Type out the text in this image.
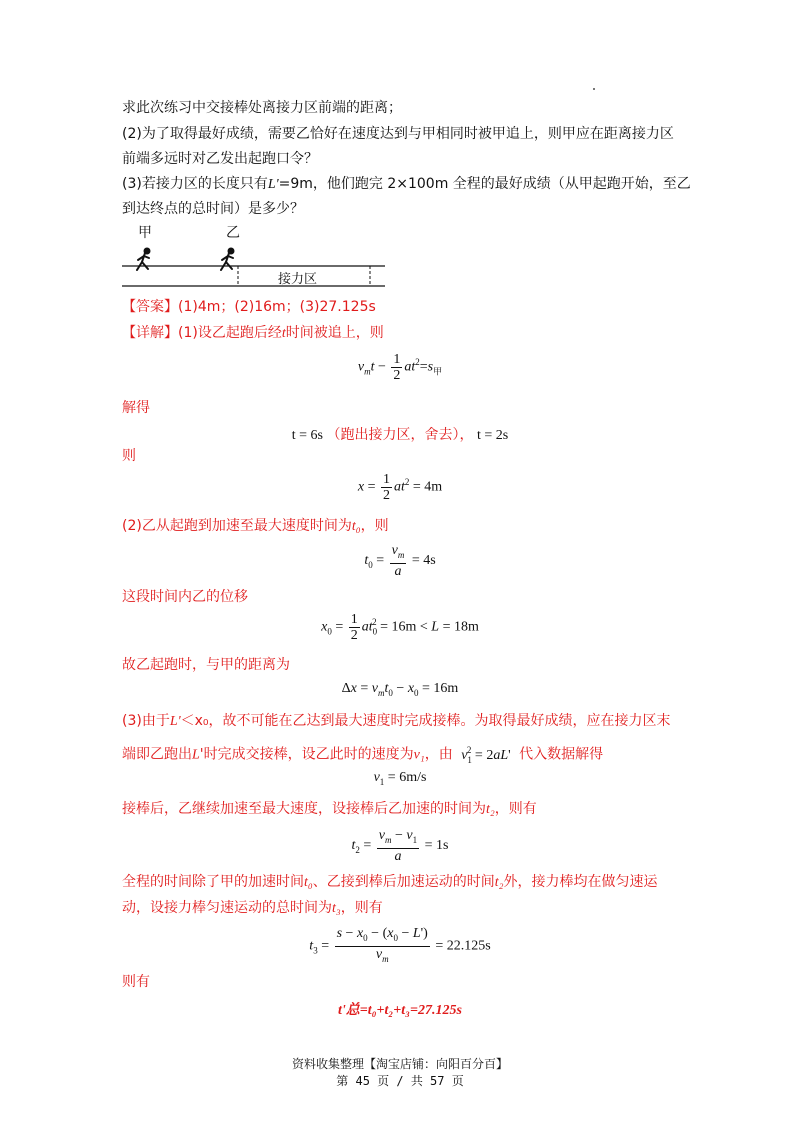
求此次练习中交接棒处离接力区前端的距离；
(2)为了取得最好成绩，需要乙恰好在速度达到与甲相同时被甲追上，则甲应在距离接力区
前端多远时对乙发出起跑口令？
(3)若接力区的长度只有L'=9m，他们跑完 2×100m 全程的最好成绩（从甲起跑开始，至乙
到达终点的总时间）是多少？
甲	乙
接力区
【答案】(1)4m；(2)16m；(3)27.125s
【详解】(1)设乙起跑后经t时间被追上，则
$v_mt - \frac{1}{2} at^2=s_甲$
解得
t = 6s （跑出接力区，舍去）， t = 2s
则
$x = \frac{1}{2} at^2 = 4m$
(2)乙从起跑到加速至最大速度时间为t₀，则
$t_0 = \frac{v_m}{a} = 4s$
这段时间内乙的位移
$x_0 = \frac{1}{2} at_0^2 = 16m < L = 18m$
故乙起跑时，与甲的距离为
$\Delta x = v_mt_0 - x_0 = 16m$
(3)由于L'＜x₀，故不可能在乙达到最大速度时完成接棒。为取得最好成绩，应在接力区末
端即乙跑出L'时完成交接棒，设乙此时的速度为v₁，由 $v_1^2 = 2aL'$ 代入数据解得
$v_1 = 6m/s$
接棒后，乙继续加速至最大速度，设接棒后乙加速的时间为t₂，则有
$t_2 = \frac{v_m - v_1}{a} = 1s$
全程的时间除了甲的加速时间t₀、乙接到棒后加速运动的时间t₂外，接力棒均在做匀速运
动，设接力棒匀速运动的总时间为t₃，则有
$t_3 = \frac{s - x_0 - (x_0 - L')}{v_m} = 22.125s$
则有
t'总=t₀+t₂+t₃=27.125s
资料收集整理【淘宝店铺：向阳百分百】
第 45 页 / 共 57 页
